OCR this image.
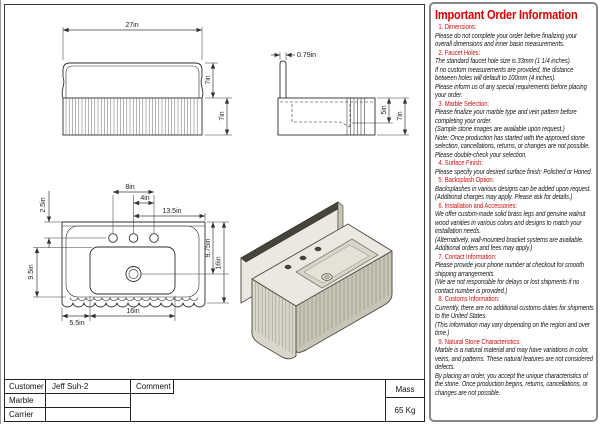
27in
7in
7in
0.79in
5in
7in
8in
4in
13.5in
2.5in
9.5in
9.75in
16in
5.5in
16in
Customer Jeff Suh-2
Marble
Carrier
Comment	Mass
65 Kg
Important Order Information
1. Dimensions:
Please do not complete your order before finalizing your overall dimensions and inner basin measurements.
2. Faucet Holes:
The standard faucet hole size is 33mm (1 1/4 inches).
If no custom measurements are provided, the distance between holes will default to 100mm (4 inches).
Please inform us of any special requirements before placing your order.
3. Marble Selection:
Please finalize your marble type and vein pattern before completing your order.
(Sample stone images are available upon request.)
Note: Once production has started with the approved stone selection, cancellations, returns, or changes are not possible. Please double-check your selection.
4. Surface Finish:
Please specify your desired surface finish: Polished or Honed.
5. Backsplash Option:
Backsplashes in various designs can be added upon request.
(Additional charges may apply. Please ask for details.)
6. Installation and Accessories:
We offer custom-made solid brass legs and genuine walnut wood vanities in various colors and designs to match your installation needs.
(Alternatively, wall-mounted bracket systems are available. Additional orders and fees may apply.)
7. Contact Information:
Please provide your phone number at checkout for smooth shipping arrangements.
(We are not responsible for delays or lost shipments if no contact number is provided.)
8. Customs Information:
Currently, there are no additional customs duties for shipments to the United States.
(This information may vary depending on the region and over time.)
9. Natural Stone Characteristics:
Marble is a natural material and may have variations in color, veins, and patterns. These natural features are not considered defects.
By placing an order, you accept the unique characteristics of the stone. Once production begins, returns, cancellations, or changes are not possible.
